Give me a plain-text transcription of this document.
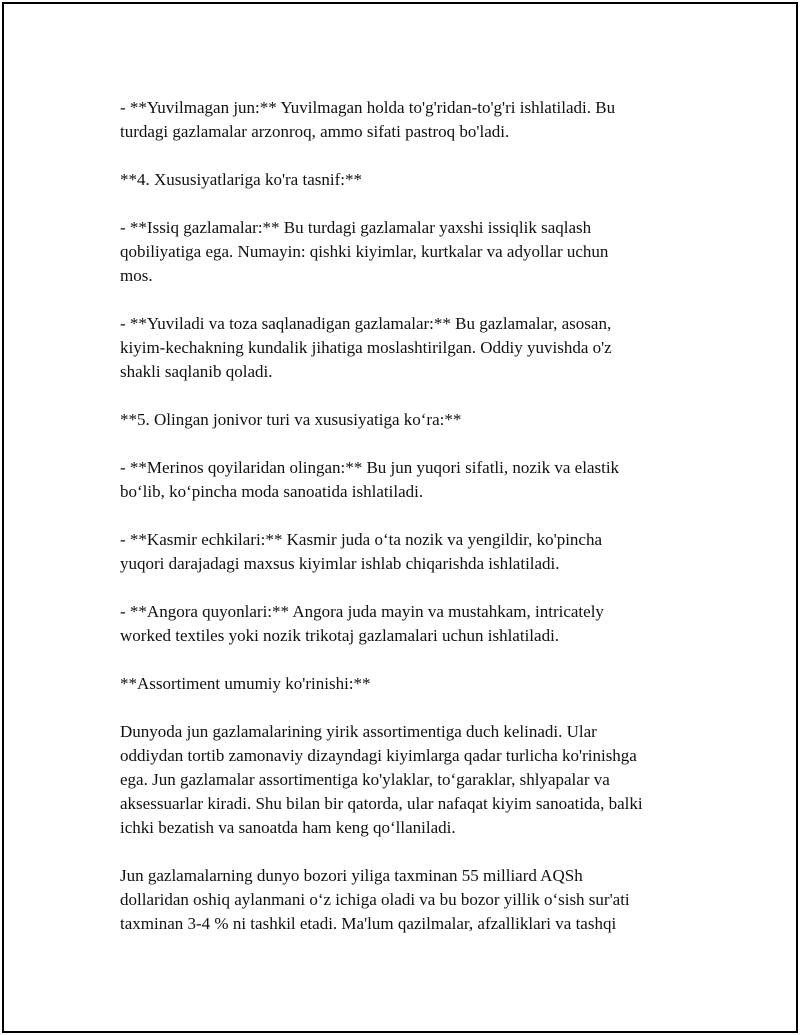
- **Yuvilmagan jun:** Yuvilmagan holda to'g'ridan-to'g'ri ishlatiladi. Bu
turdagi gazlamalar arzonroq, ammo sifati pastroq bo'ladi.

**4. Xususiyatlariga ko'ra tasnif:**

- **Issiq gazlamalar:** Bu turdagi gazlamalar yaxshi issiqlik saqlash
qobiliyatiga ega. Numayin: qishki kiyimlar, kurtkalar va adyollar uchun
mos.

- **Yuviladi va toza saqlanadigan gazlamalar:** Bu gazlamalar, asosan,
kiyim-kechakning kundalik jihatiga moslashtirilgan. Oddiy yuvishda o'z
shakli saqlanib qoladi.

**5. Olingan jonivor turi va xususiyatiga ko‘ra:**

- **Merinos qoyilaridan olingan:** Bu jun yuqori sifatli, nozik va elastik
bo‘lib, ko‘pincha moda sanoatida ishlatiladi.

- **Kasmir echkilari:** Kasmir juda o‘ta nozik va yengildir, ko'pincha
yuqori darajadagi maxsus kiyimlar ishlab chiqarishda ishlatiladi.

- **Angora quyonlari:** Angora juda mayin va mustahkam, intricately
worked textiles yoki nozik trikotaj gazlamalari uchun ishlatiladi.

**Assortiment umumiy ko'rinishi:**

Dunyoda jun gazlamalarining yirik assortimentiga duch kelinadi. Ular
oddiydan tortib zamonaviy dizayndagi kiyimlarga qadar turlicha ko'rinishga
ega. Jun gazlamalar assortimentiga ko'ylaklar, to‘garaklar, shlyapalar va
aksessuarlar kiradi. Shu bilan bir qatorda, ular nafaqat kiyim sanoatida, balki
ichki bezatish va sanoatda ham keng qo‘llaniladi.

Jun gazlamalarning dunyo bozori yiliga taxminan 55 milliard AQSh
dollaridan oshiq aylanmani o‘z ichiga oladi va bu bozor yillik o‘sish sur'ati
taxminan 3-4 % ni tashkil etadi. Ma'lum qazilmalar, afzalliklari va tashqi
